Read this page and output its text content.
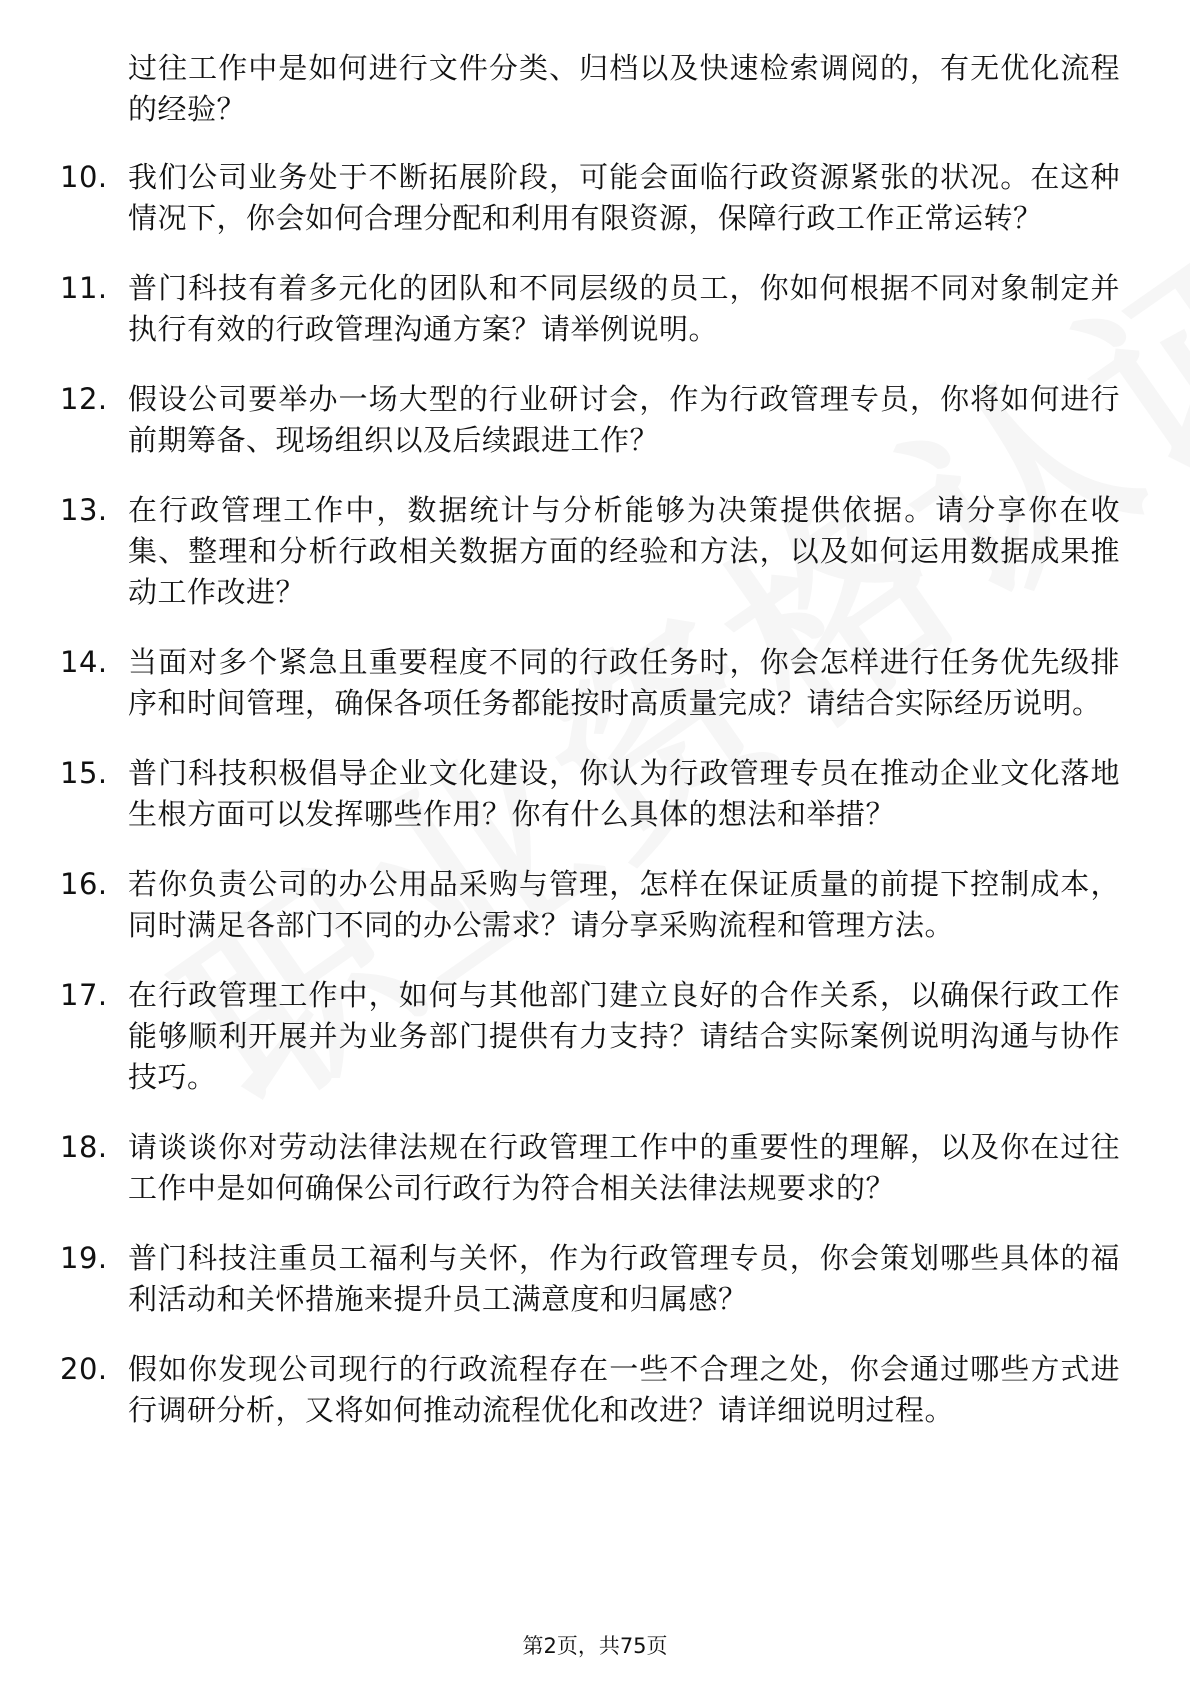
过往工作中是如何进行文件分类、归档以及快速检索调阅的，有无优化流程的经验？
10. 我们公司业务处于不断拓展阶段，可能会面临行政资源紧张的状况。在这种情况下，你会如何合理分配和利用有限资源，保障行政工作正常运转？
11. 普门科技有着多元化的团队和不同层级的员工，你如何根据不同对象制定并执行有效的行政管理沟通方案？请举例说明。
12. 假设公司要举办一场大型的行业研讨会，作为行政管理专员，你将如何进行前期筹备、现场组织以及后续跟进工作？
13. 在行政管理工作中，数据统计与分析能够为决策提供依据。请分享你在收集、整理和分析行政相关数据方面的经验和方法，以及如何运用数据成果推动工作改进？
14. 当面对多个紧急且重要程度不同的行政任务时，你会怎样进行任务优先级排序和时间管理，确保各项任务都能按时高质量完成？请结合实际经历说明。
15. 普门科技积极倡导企业文化建设，你认为行政管理专员在推动企业文化落地生根方面可以发挥哪些作用？你有什么具体的想法和举措？
16. 若你负责公司的办公用品采购与管理，怎样在保证质量的前提下控制成本，同时满足各部门不同的办公需求？请分享采购流程和管理方法。
17. 在行政管理工作中，如何与其他部门建立良好的合作关系，以确保行政工作能够顺利开展并为业务部门提供有力支持？请结合实际案例说明沟通与协作技巧。
18. 请谈谈你对劳动法律法规在行政管理工作中的重要性的理解，以及你在过往工作中是如何确保公司行政行为符合相关法律法规要求的？
19. 普门科技注重员工福利与关怀，作为行政管理专员，你会策划哪些具体的福利活动和关怀措施来提升员工满意度和归属感？
20. 假如你发现公司现行的行政流程存在一些不合理之处，你会通过哪些方式进行调研分析，又将如何推动流程优化和改进？请详细说明过程。
第2页，共75页
